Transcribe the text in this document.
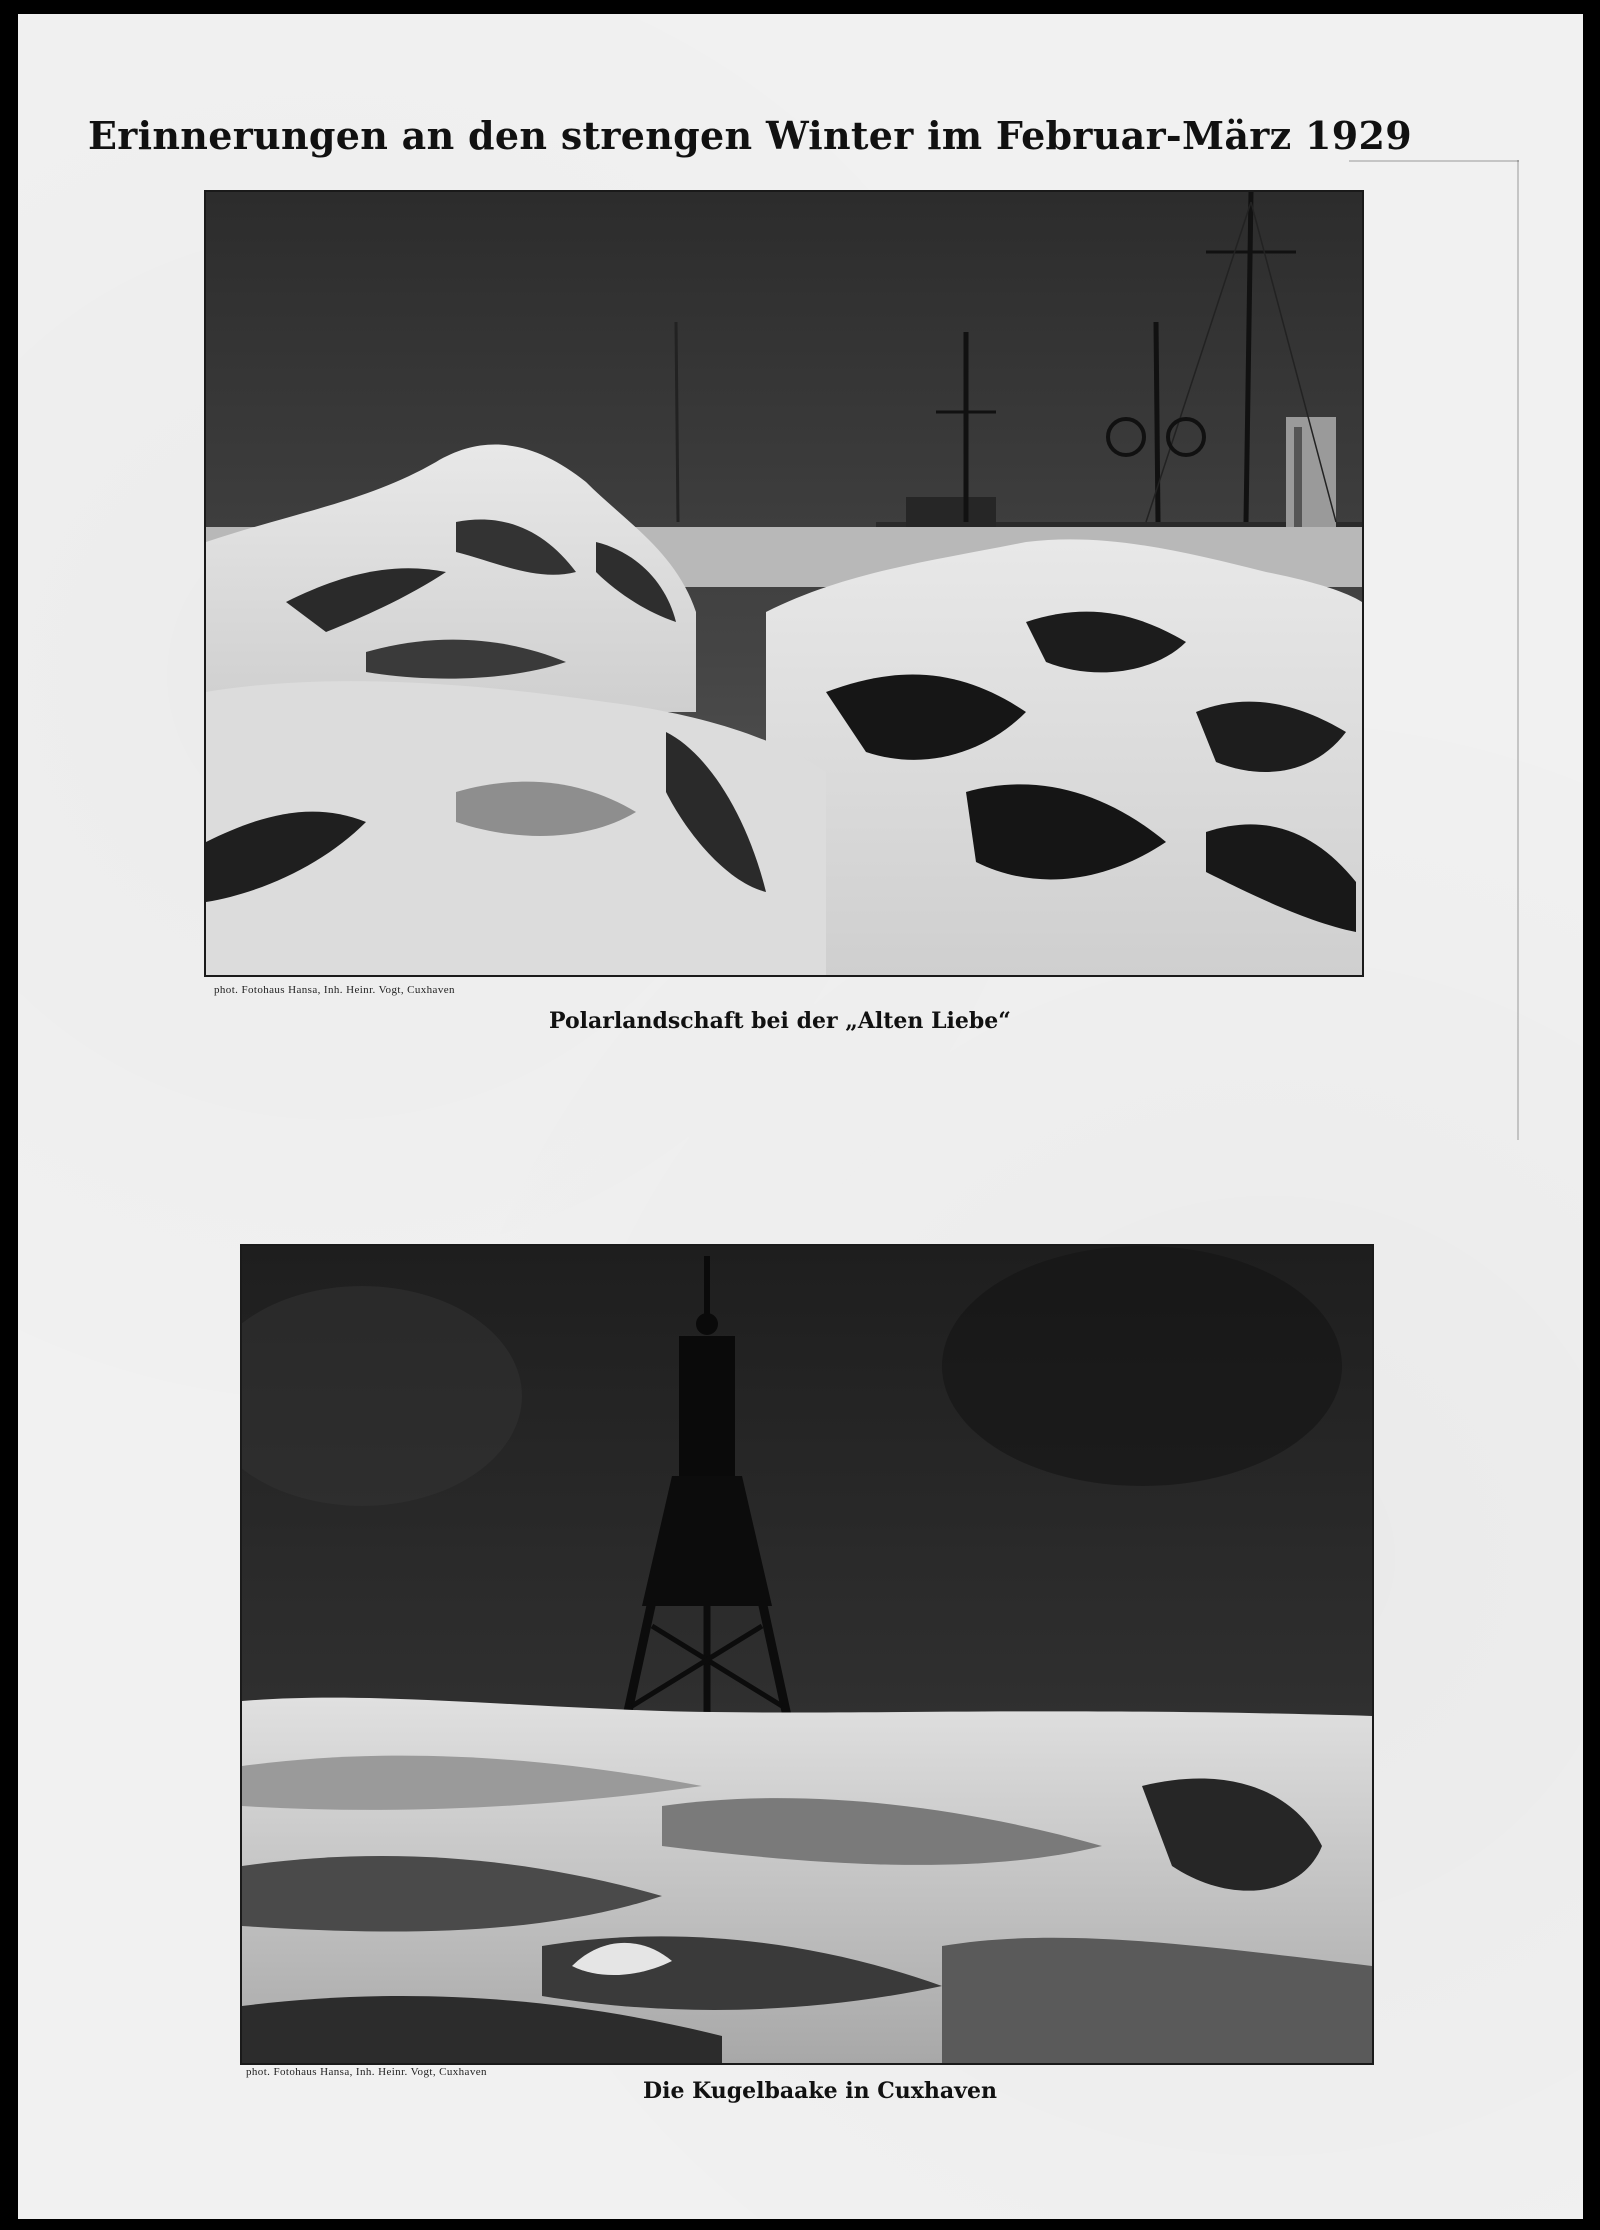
Erinnerungen an den strengen Winter im Februar-März 1929

phot. Fotohaus Hansa, Inh. Heinr. Vogt, Cuxhaven

Polarlandschaft bei der „Alten Liebe“

phot. Fotohaus Hansa, Inh. Heinr. Vogt, Cuxhaven

Die Kugelbaake in Cuxhaven
